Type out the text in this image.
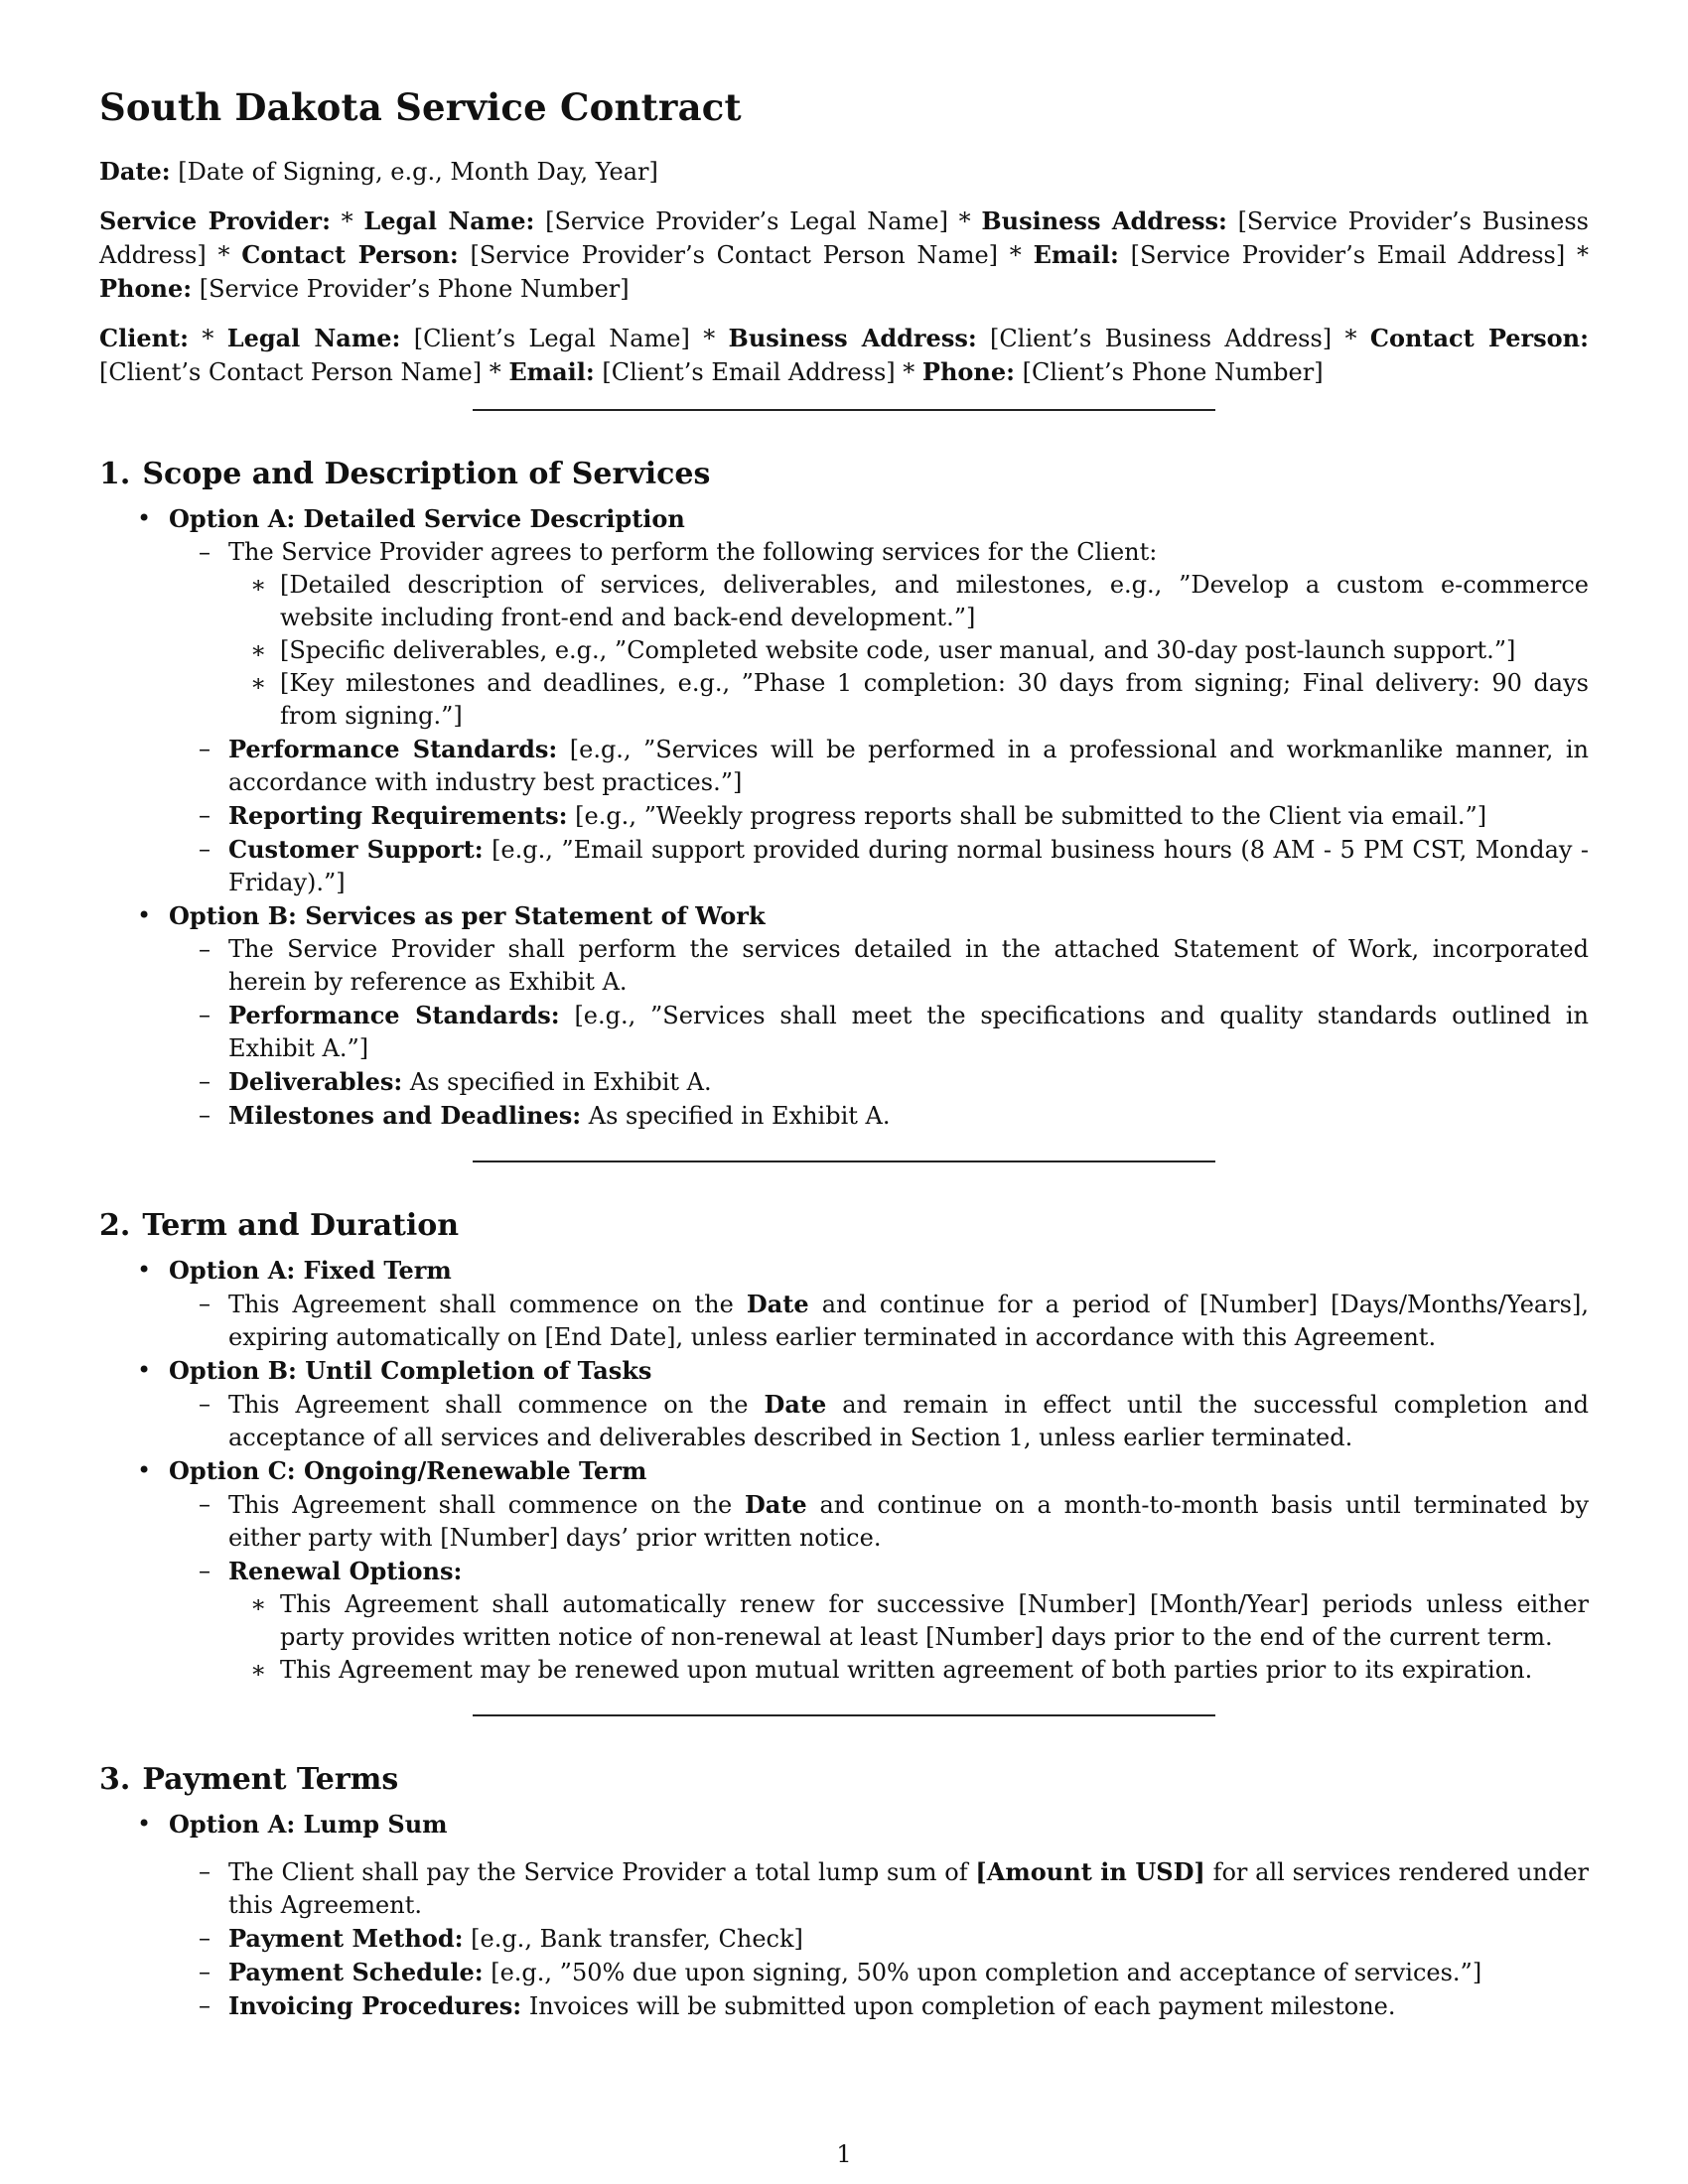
South Dakota Service Contract

Date: [Date of Signing, e.g., Month Day, Year]

Service Provider: * Legal Name: [Service Provider’s Legal Name] * Business Address: [Service Provider’s Business Address] * Contact Person: [Service Provider’s Contact Person Name] * Email: [Service Provider’s Email Address] * Phone: [Service Provider’s Phone Number]

Client: * Legal Name: [Client’s Legal Name] * Business Address: [Client’s Business Address] * Contact Person: [Client’s Contact Person Name] * Email: [Client’s Email Address] * Phone: [Client’s Phone Number]

1. Scope and Description of Services
• Option A: Detailed Service Description
– The Service Provider agrees to perform the following services for the Client:
∗ [Detailed description of services, deliverables, and milestones, e.g., ”Develop a custom e-commerce website including front-end and back-end development.”]
∗ [Specific deliverables, e.g., ”Completed website code, user manual, and 30-day post-launch support.”]
∗ [Key milestones and deadlines, e.g., ”Phase 1 completion: 30 days from signing; Final delivery: 90 days from signing.”]
– Performance Standards: [e.g., ”Services will be performed in a professional and workmanlike manner, in accordance with industry best practices.”]
– Reporting Requirements: [e.g., ”Weekly progress reports shall be submitted to the Client via email.”]
– Customer Support: [e.g., ”Email support provided during normal business hours (8 AM - 5 PM CST, Monday - Friday).”]
• Option B: Services as per Statement of Work
– The Service Provider shall perform the services detailed in the attached Statement of Work, incorporated herein by reference as Exhibit A.
– Performance Standards: [e.g., ”Services shall meet the specifications and quality standards outlined in Exhibit A.”]
– Deliverables: As specified in Exhibit A.
– Milestones and Deadlines: As specified in Exhibit A.
2. Term and Duration
• Option A: Fixed Term
– This Agreement shall commence on the Date and continue for a period of [Number] [Days/Months/Years], expiring automatically on [End Date], unless earlier terminated in accordance with this Agreement.
• Option B: Until Completion of Tasks
– This Agreement shall commence on the Date and remain in effect until the successful completion and acceptance of all services and deliverables described in Section 1, unless earlier terminated.
• Option C: Ongoing/Renewable Term
– This Agreement shall commence on the Date and continue on a month-to-month basis until terminated by either party with [Number] days’ prior written notice.
– Renewal Options:
∗ This Agreement shall automatically renew for successive [Number] [Month/Year] periods unless either party provides written notice of non-renewal at least [Number] days prior to the end of the current term.
∗ This Agreement may be renewed upon mutual written agreement of both parties prior to its expiration.
3. Payment Terms
• Option A: Lump Sum
– The Client shall pay the Service Provider a total lump sum of [Amount in USD] for all services rendered under this Agreement.
– Payment Method: [e.g., Bank transfer, Check]
– Payment Schedule: [e.g., ”50% due upon signing, 50% upon completion and acceptance of services.”]
– Invoicing Procedures: Invoices will be submitted upon completion of each payment milestone.
1
